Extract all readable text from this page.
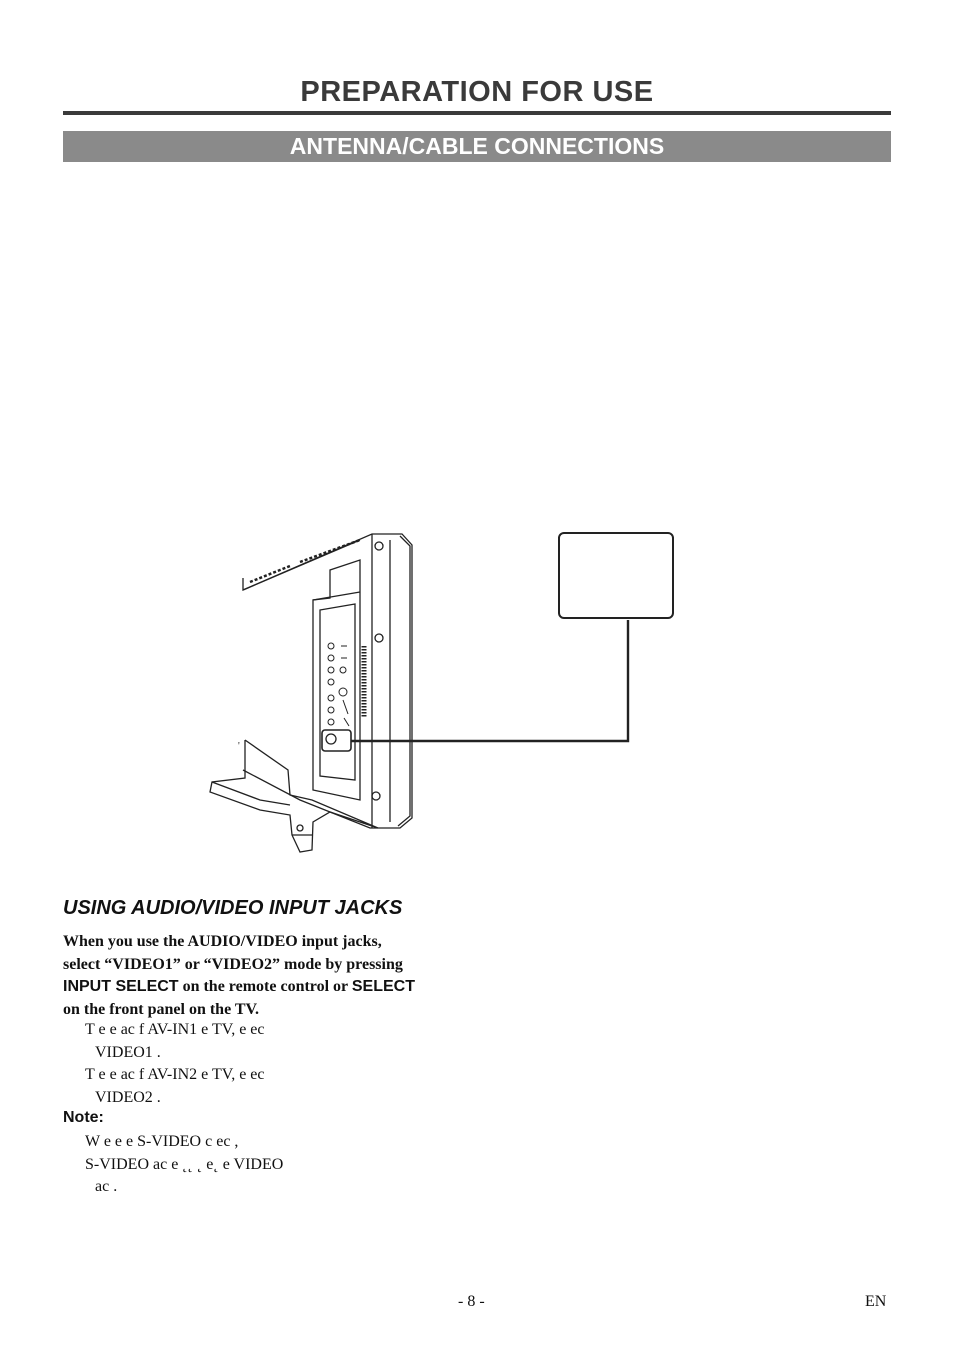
PREPARATION FOR USE
ANTENNA/CABLE CONNECTIONS
'
USING AUDIO/VIDEO INPUT JACKS
When you use the AUDIO/VIDEO input jacks,
select “VIDEO1” or “VIDEO2” mode by pressing
INPUT SELECT on the remote control or SELECT
on the front panel on the TV.
T e e ac f AV-IN1 e TV, e ec
VIDEO1 .
T e e ac f AV-IN2 e TV, e ec
VIDEO2 .
Note:
W e e e S-VIDEO c ec ,
S-VIDEO ac e ˛˛ ˛ e˛ e VIDEO
ac .
- 8 -	EN
